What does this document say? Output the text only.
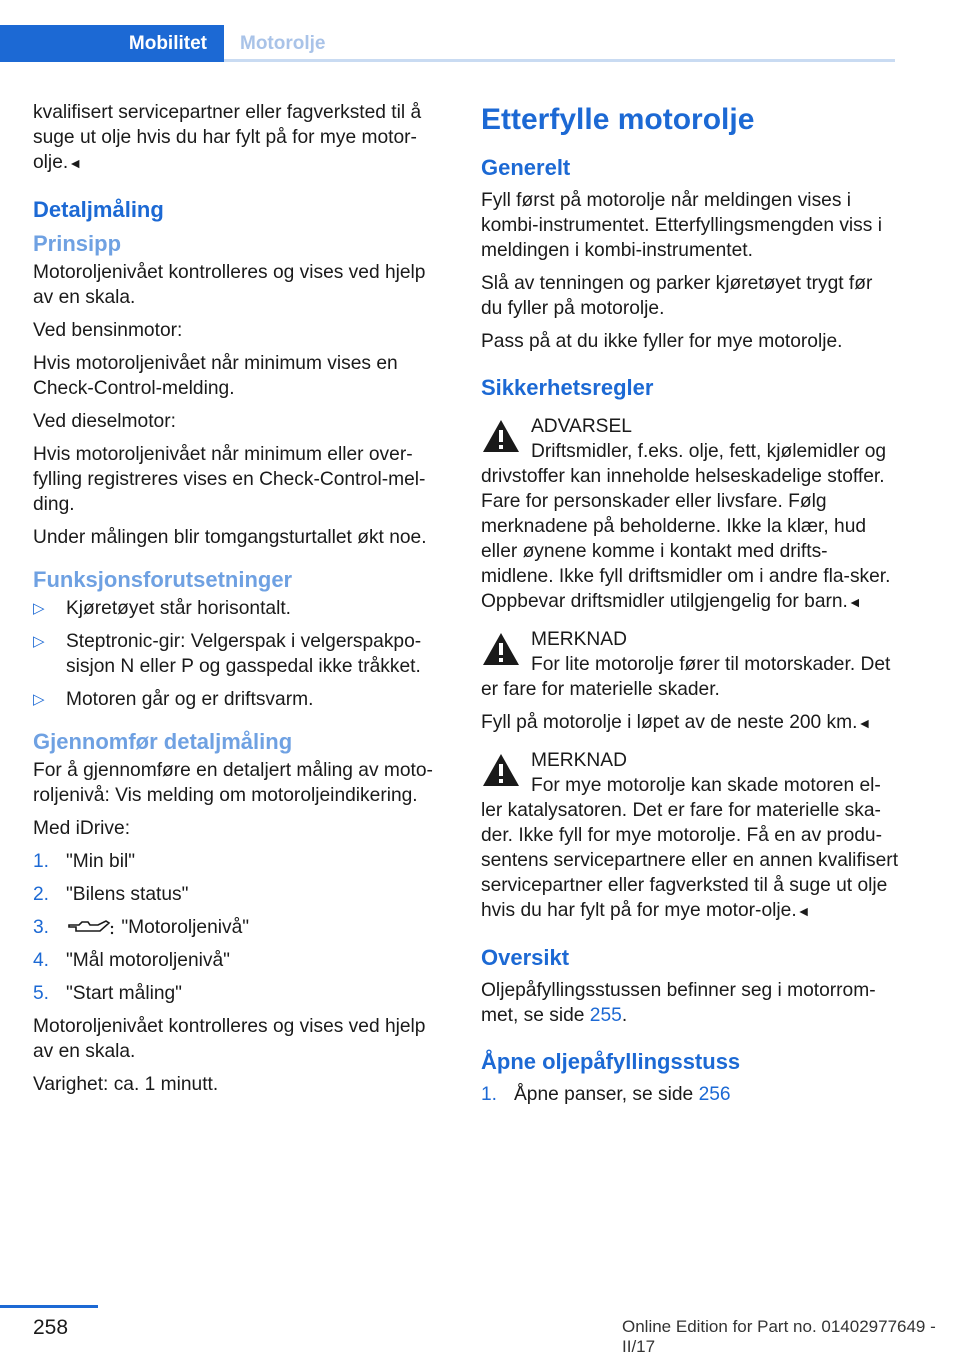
Mobilitet	Motorolje

kvalifisert servicepartner eller fagverksted til å suge ut olje hvis du har fylt på for mye motor‐olje.◄

Detaljmåling
Prinsipp

Motoroljenivået kontrolleres og vises ved hjelp av en skala.

Ved bensinmotor:

Hvis motoroljenivået når minimum vises en Check-Control-melding.

Ved dieselmotor:

Hvis motoroljenivået når minimum eller over‐fylling registreres vises en Check-Control-mel‐ding.

Under målingen blir tomgangsturtallet økt noe.

Funksjonsforutsetninger
▷ Kjøretøyet står horisontalt.
▷ Steptronic-gir: Velgerspak i velgerspakpo‐sisjon N eller P og gasspedal ikke tråkket.
▷ Motoren går og er driftsvarm.
Gjennomfør detaljmåling

For å gjennomføre en detaljert måling av moto‐roljenivå: Vis melding om motoroljeindikering.

Med iDrive:

1. "Min bil"
2. "Bilens status"
3.	"Motoroljenivå"
4. "Mål motoroljenivå"
5. "Start måling"

Motoroljenivået kontrolleres og vises ved hjelp av en skala.

Varighet: ca. 1 minutt.

Etterfylle motorolje
Generelt

Fyll først på motorolje når meldingen vises i kombi-instrumentet. Etterfyllingsmengden viss i meldingen i kombi-instrumentet.

Slå av tenningen og parker kjøretøyet trygt før du fyller på motorolje.

Pass på at du ikke fyller for mye motorolje.

Sikkerhetsregler
ADVARSEL
Driftsmidler, f.eks. olje, fett, kjølemidler og drivstoffer kan inneholde helseskadelige stoffer. Fare for personskader eller livsfare. Følg merknadene på beholderne. Ikke la klær, hud eller øynene komme i kontakt med drifts‐midlene. Ikke fyll driftsmidler om i andre fla‐sker. Oppbevar driftsmidler utilgjengelig for barn.◄
MERKNAD
For lite motorolje fører til motorskader. Det er fare for materielle skader.

Fyll på motorolje i løpet av de neste 200 km.◄

MERKNAD
For mye motorolje kan skade motoren el‐ler katalysatoren. Det er fare for materielle ska‐der. Ikke fyll for mye motorolje. Få en av produ‐sentens servicepartnere eller en annen kvalifisert servicepartner eller fagverksted til å suge ut olje hvis du har fylt på for mye motor‐olje.◄
Oversikt

Oljepåfyllingsstussen befinner seg i motorrom‐met, se side 255.

Åpne oljepåfyllingsstuss
1. Åpne panser, se side 256
258	Online Edition for Part no. 01402977649 - II/17
